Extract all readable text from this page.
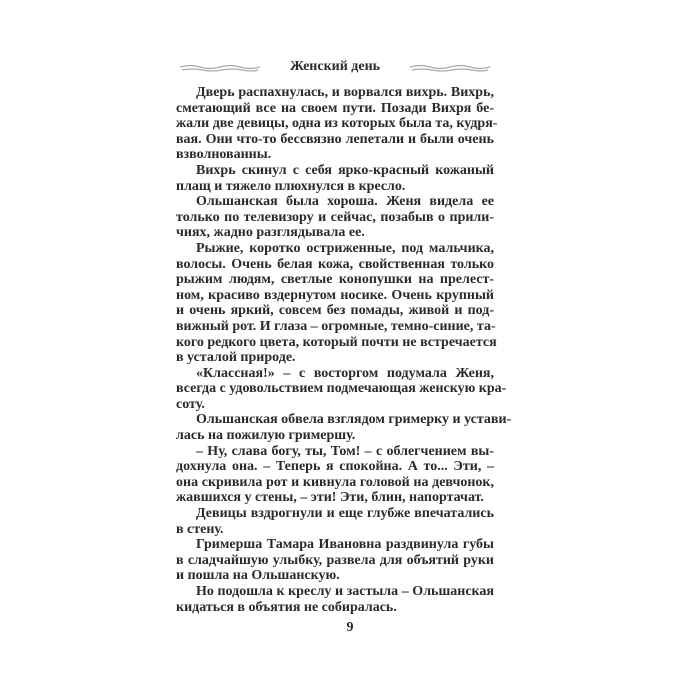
Женский день
Дверь распахнулась, и ворвался вихрь. Вихрь,
сметающий все на своем пути. Позади Вихря бе-
жали две девицы, одна из которых была та, кудря-
вая. Они что-то бессвязно лепетали и были очень
взволнованны.
Вихрь скинул с себя ярко-красный кожаный
плащ и тяжело плюхнулся в кресло.
Ольшанская была хороша. Женя видела ее
только по телевизору и сейчас, позабыв о прили-
чиях, жадно разглядывала ее.
Рыжие, коротко остриженные, под мальчика,
волосы. Очень белая кожа, свойственная только
рыжим людям, светлые конопушки на прелест-
ном, красиво вздернутом носике. Очень крупный
и очень яркий, совсем без помады, живой и под-
вижный рот. И глаза – огромные, темно-синие, та-
кого редкого цвета, который почти не встречается
в усталой природе.
«Классная!» – с восторгом подумала Женя,
всегда с удовольствием подмечающая женскую кра-
соту.
Ольшанская обвела взглядом гримерку и устави-
лась на пожилую гримершу.
– Ну, слава богу, ты, Том! – с облегчением вы-
дохнула она. – Теперь я спокойна. А то... Эти, –
она скривила рот и кивнула головой на девчонок,
жавшихся у стены, – эти! Эти, блин, напортачат.
Девицы вздрогнули и еще глубже впечатались
в стену.
Гримерша Тамара Ивановна раздвинула губы
в сладчайшую улыбку, развела для объятий руки
и пошла на Ольшанскую.
Но подошла к креслу и застыла – Ольшанская
кидаться в объятия не собиралась.
9
